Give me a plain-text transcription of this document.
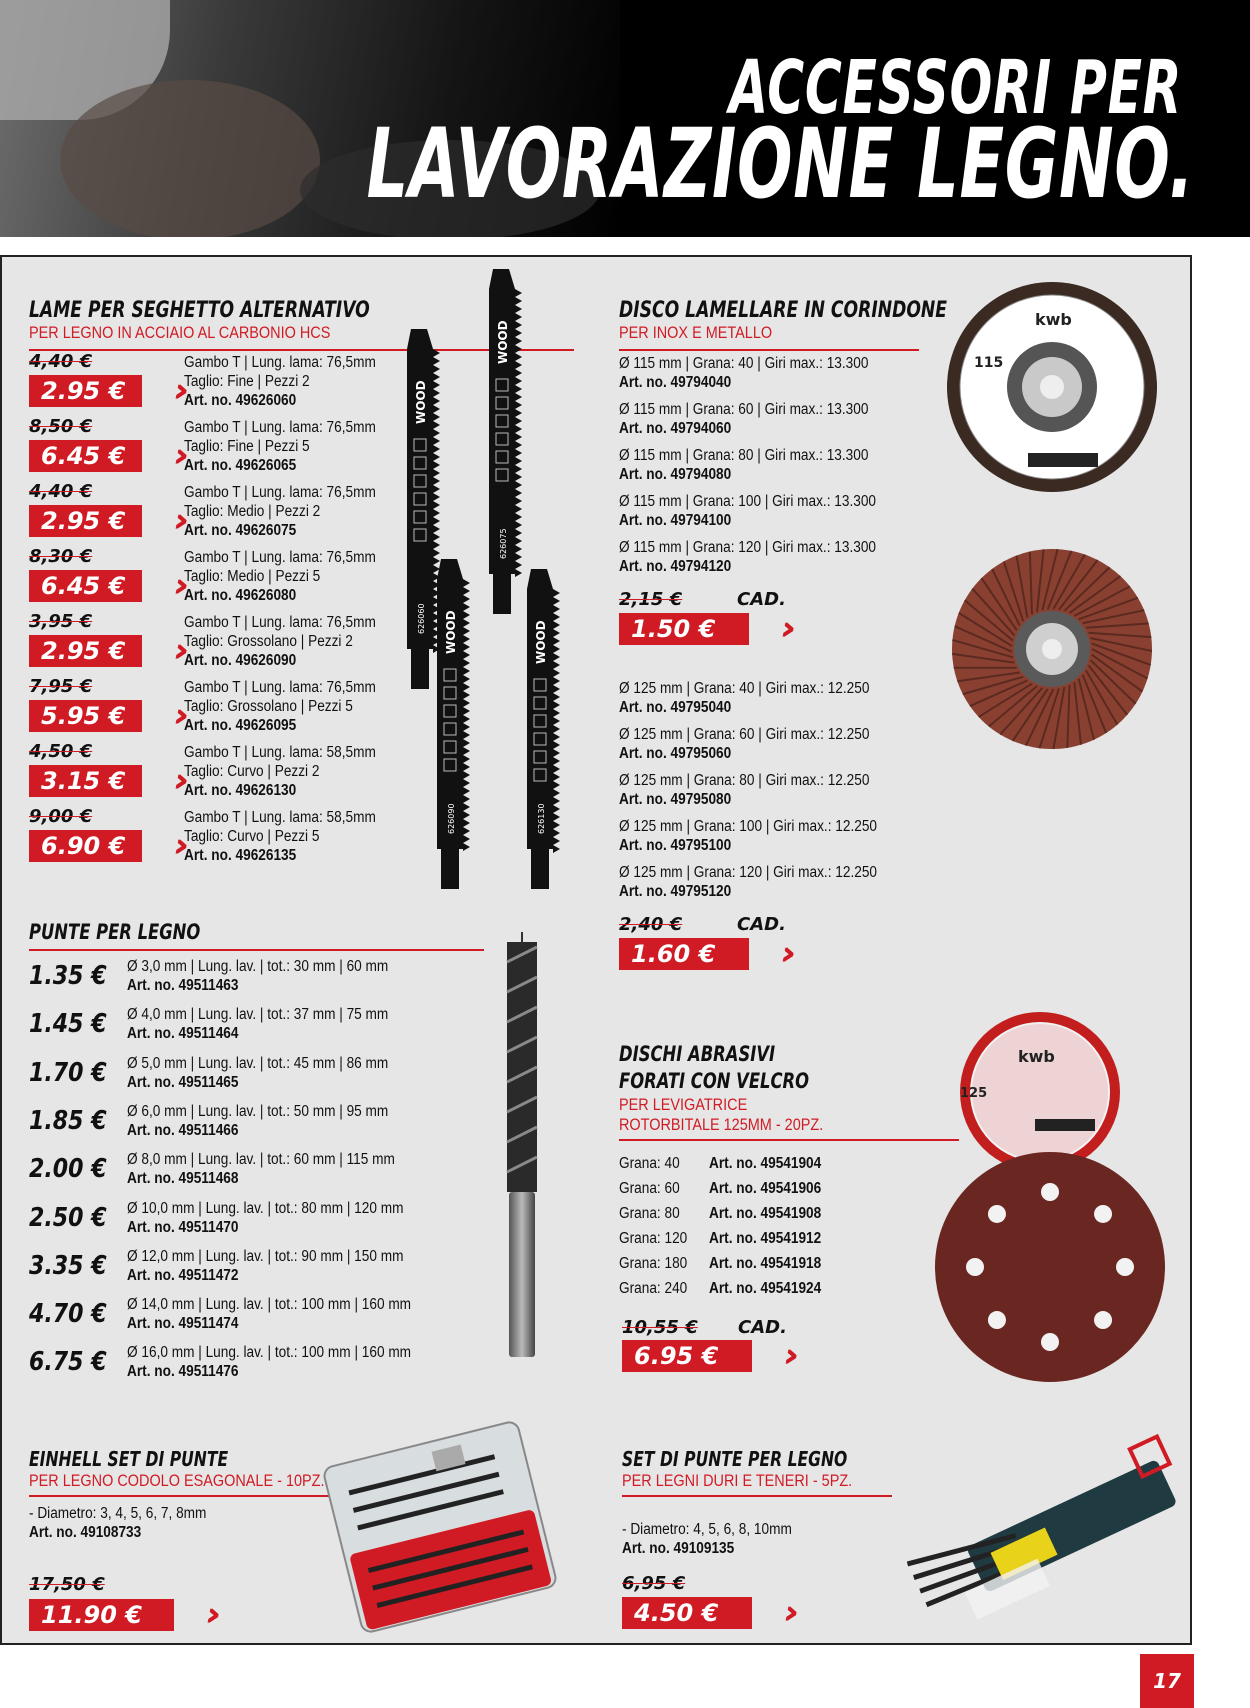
ACCESSORI PER
LAVORAZIONE LEGNO.
LAME PER SEGHETTO ALTERNATIVO
PER LEGNO IN ACCIAIO AL CARBONIO HCS
4,40 €
2.95 €
Gambo T | Lung. lama: 76,5mm
Taglio: Fine | Pezzi 2
Art. no. 49626060
8,50 €
6.45 €
Gambo T | Lung. lama: 76,5mm
Taglio: Fine | Pezzi 5
Art. no. 49626065
4,40 €
2.95 €
Gambo T | Lung. lama: 76,5mm
Taglio: Medio | Pezzi 2
Art. no. 49626075
8,30 €
6.45 €
Gambo T | Lung. lama: 76,5mm
Taglio: Medio | Pezzi 5
Art. no. 49626080
3,95 €
2.95 €
Gambo T | Lung. lama: 76,5mm
Taglio: Grossolano | Pezzi 2
Art. no. 49626090
7,95 €
5.95 €
Gambo T | Lung. lama: 76,5mm
Taglio: Grossolano | Pezzi 5
Art. no. 49626095
4,50 €
3.15 €
Gambo T | Lung. lama: 58,5mm
Taglio: Curvo | Pezzi 2
Art. no. 49626130
9,00 €
6.90 €
Gambo T | Lung. lama: 58,5mm
Taglio: Curvo | Pezzi 5
Art. no. 49626135
WOOD
626060
WOOD
626075
WOOD
626090
WOOD
626130
PUNTE PER LEGNO
1.35 € Ø 3,0 mm | Lung. lav. | tot.: 30 mm | 60 mm
Art. no. 49511463
1.45 € Ø 4,0 mm | Lung. lav. | tot.: 37 mm | 75 mm
Art. no. 49511464
1.70 € Ø 5,0 mm | Lung. lav. | tot.: 45 mm | 86 mm
Art. no. 49511465
1.85 € Ø 6,0 mm | Lung. lav. | tot.: 50 mm | 95 mm
Art. no. 49511466
2.00 € Ø 8,0 mm | Lung. lav. | tot.: 60 mm | 115 mm
Art. no. 49511468
2.50 € Ø 10,0 mm | Lung. lav. | tot.: 80 mm | 120 mm
Art. no. 49511470
3.35 € Ø 12,0 mm | Lung. lav. | tot.: 90 mm | 150 mm
Art. no. 49511472
4.70 € Ø 14,0 mm | Lung. lav. | tot.: 100 mm | 160 mm
Art. no. 49511474
6.75 € Ø 16,0 mm | Lung. lav. | tot.: 100 mm | 160 mm
Art. no. 49511476
EINHELL SET DI PUNTE
PER LEGNO CODOLO ESAGONALE - 10PZ.
- Diametro: 3, 4, 5, 6, 7, 8mm
Art. no. 49108733
17,50 €
11.90 €
DISCO LAMELLARE IN CORINDONE
PER INOX E METALLO
Ø 115 mm | Grana: 40 | Giri max.: 13.300
Art. no. 49794040
Ø 115 mm | Grana: 60 | Giri max.: 13.300
Art. no. 49794060
Ø 115 mm | Grana: 80 | Giri max.: 13.300
Art. no. 49794080
Ø 115 mm | Grana: 100 | Giri max.: 13.300
Art. no. 49794100
Ø 115 mm | Grana: 120 | Giri max.: 13.300
Art. no. 49794120
2,15 €	CAD.
1.50 €
Ø 125 mm | Grana: 40 | Giri max.: 12.250
Art. no. 49795040
Ø 125 mm | Grana: 60 | Giri max.: 12.250
Art. no. 49795060
Ø 125 mm | Grana: 80 | Giri max.: 12.250
Art. no. 49795080
Ø 125 mm | Grana: 100 | Giri max.: 12.250
Art. no. 49795100
Ø 125 mm | Grana: 120 | Giri max.: 12.250
Art. no. 49795120
2,40 €	CAD.
1.60 €
kwb
115
DISCHI ABRASIVI
FORATI CON VELCRO
PER LEVIGATRICE
ROTORBITALE 125MM - 20PZ.
Grana: 40 Art. no. 49541904
Grana: 60 Art. no. 49541906
Grana: 80 Art. no. 49541908
Grana: 120 Art. no. 49541912
Grana: 180 Art. no. 49541918
Grana: 240 Art. no. 49541924
10,55 € CAD.
6.95 €
kwb
125
SET DI PUNTE PER LEGNO
PER LEGNI DURI E TENERI - 5PZ.
- Diametro: 4, 5, 6, 8, 10mm
Art. no. 49109135
6,95 €
4.50 €
17
